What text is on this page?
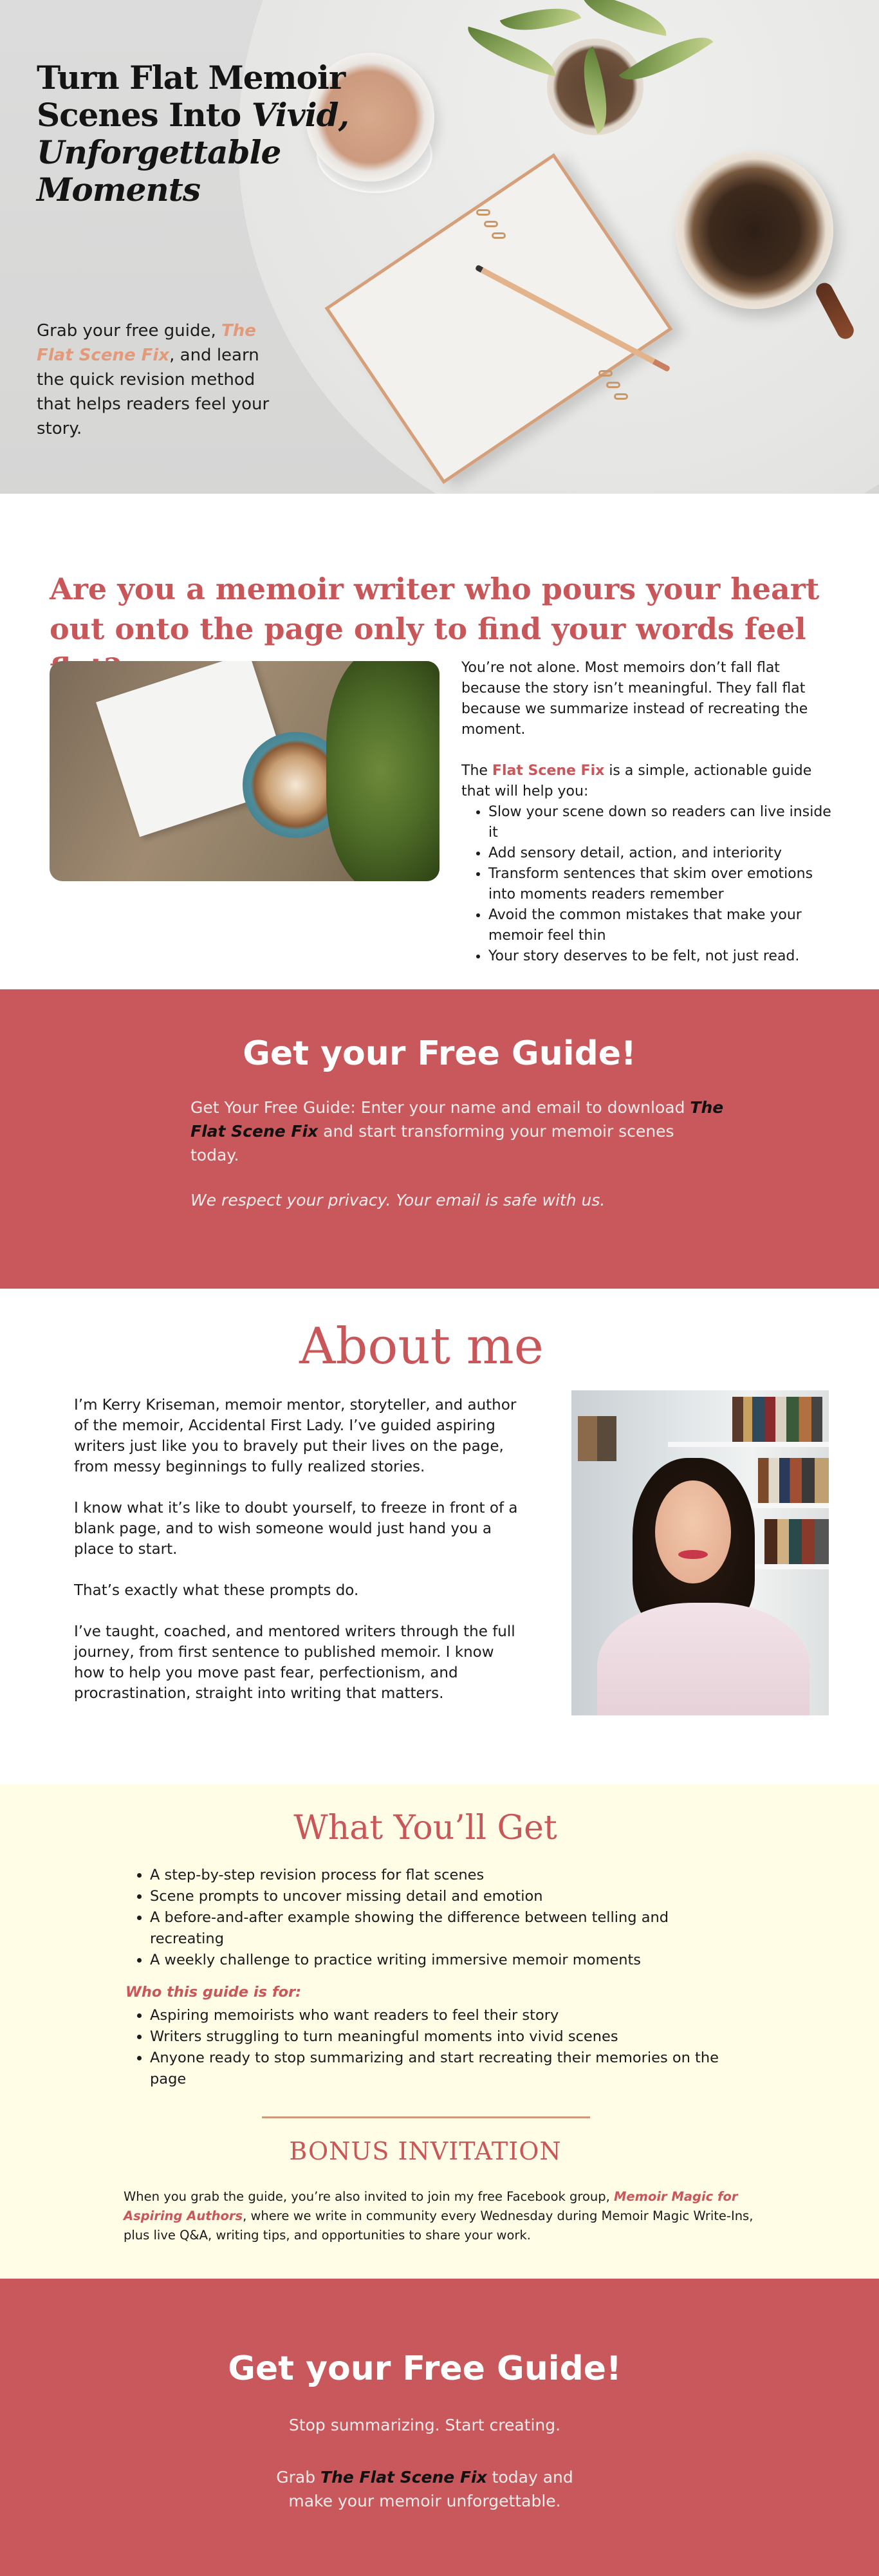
Turn Flat Memoir
Scenes Into Vivid,
Unforgettable
Moments

Grab your free guide, The Flat Scene Fix, and learn the quick revision method that helps readers feel your story.

Are you a memoir writer who pours your heart out onto the page only to find your words feel

You’re not alone. Most memoirs don’t fall flat because the story isn’t meaningful. They fall flat because we summarize instead of recreating the moment.

The Flat Scene Fix is a simple, actionable guide that will help you:

• Slow your scene down so readers can live inside it
• Add sensory detail, action, and interiority
• Transform sentences that skim over emotions into moments readers remember
• Avoid the common mistakes that make your memoir feel thin
• Your story deserves to be felt, not just read.
Get your Free Guide!

Get Your Free Guide: Enter your name and email to download The Flat Scene Fix and start transforming your memoir scenes today.

We respect your privacy. Your email is safe with us.

About me

I’m Kerry Kriseman, memoir mentor, storyteller, and author of the memoir, Accidental First Lady. I’ve guided aspiring writers just like you to bravely put their lives on the page, from messy beginnings to fully realized stories.

I know what it’s like to doubt yourself, to freeze in front of a blank page, and to wish someone would just hand you a place to start.

That’s exactly what these prompts do.

I’ve taught, coached, and mentored writers through the full journey, from first sentence to published memoir. I know how to help you move past fear, perfectionism, and procrastination, straight into writing that matters.

What You’ll Get
• A step-by-step revision process for flat scenes
• Scene prompts to uncover missing detail and emotion
• A before-and-after example showing the difference between telling and recreating
• A weekly challenge to practice writing immersive memoir moments
Who this guide is for:
• Aspiring memoirists who want readers to feel their story
• Writers struggling to turn meaningful moments into vivid scenes
• Anyone ready to stop summarizing and start recreating their memories on the page
BONUS INVITATION

When you grab the guide, you’re also invited to join my free Facebook group, Memoir Magic for Aspiring Authors, where we write in community every Wednesday during Memoir Magic Write-Ins, plus live Q&A, writing tips, and opportunities to share your work.

Get your Free Guide!

Stop summarizing. Start creating.

Grab The Flat Scene Fix today and make your memoir unforgettable.
